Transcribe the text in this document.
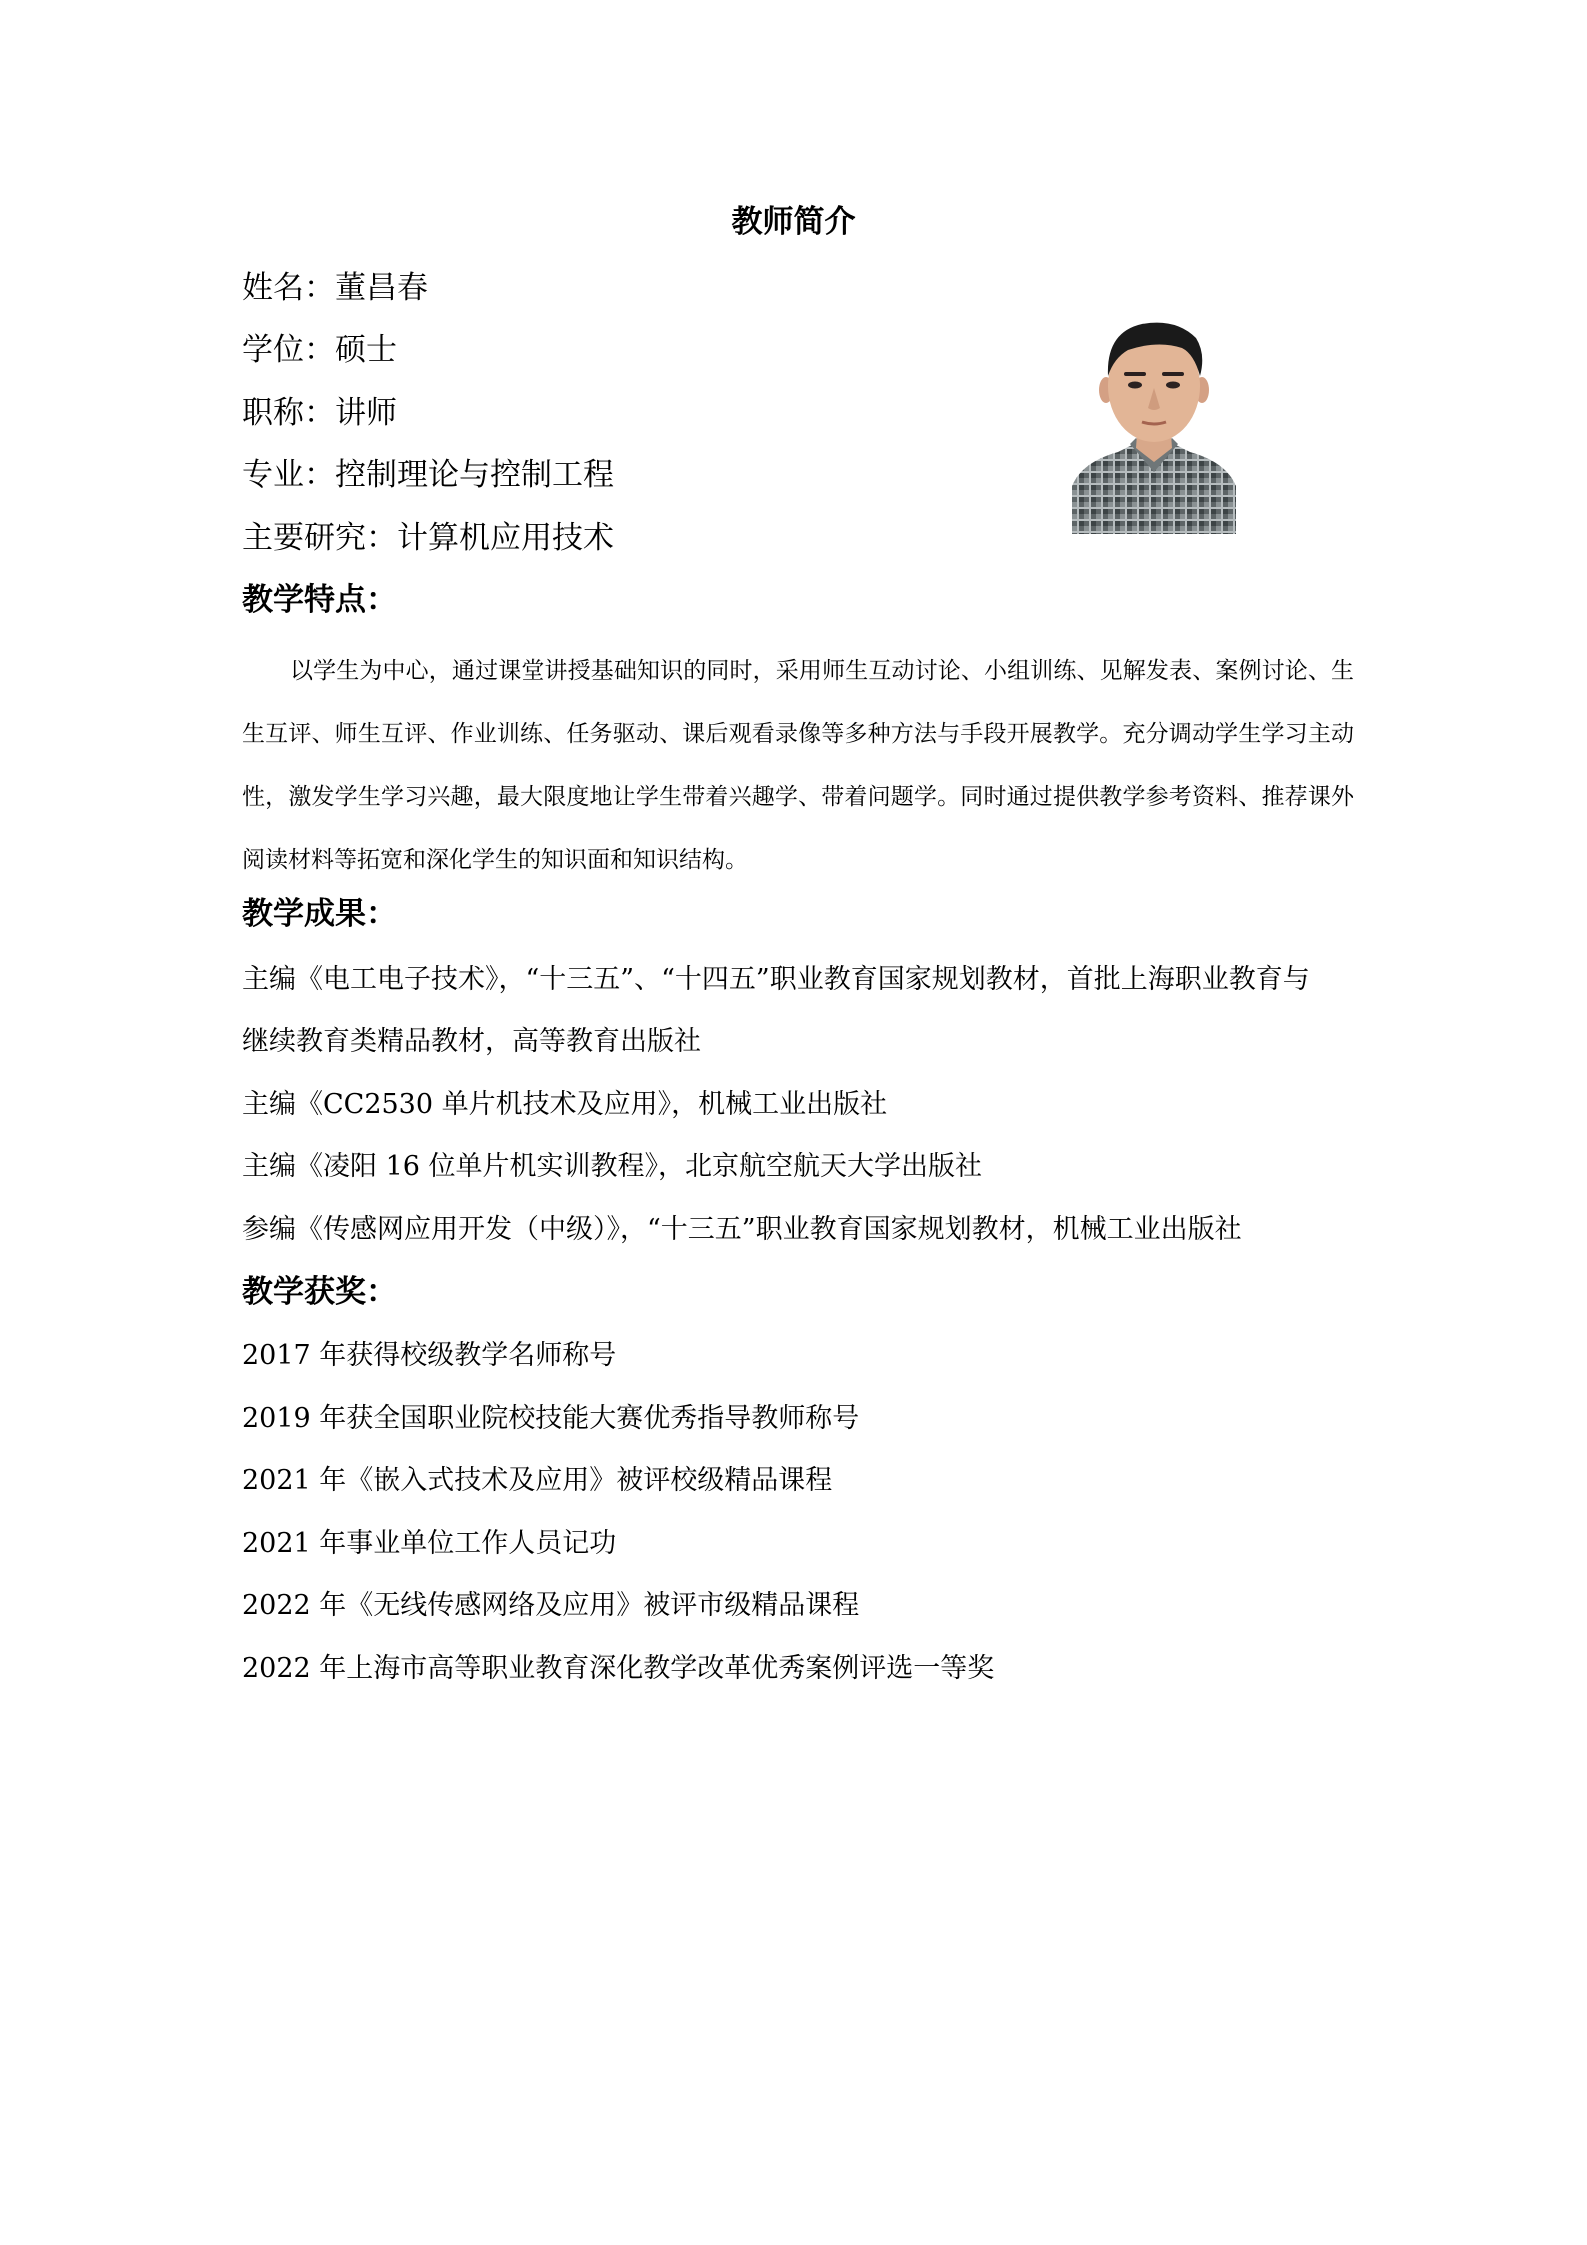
教师简介
姓名：董昌春
学位：硕士
职称：讲师
专业：控制理论与控制工程
主要研究：计算机应用技术
教学特点：
以学生为中心，通过课堂讲授基础知识的同时，采用师生互动讨论、小组训练、见解发表、案例讨论、生生互评、师生互评、作业训练、任务驱动、课后观看录像等多种方法与手段开展教学。充分调动学生学习主动性，激发学生学习兴趣，最大限度地让学生带着兴趣学、带着问题学。同时通过提供教学参考资料、推荐课外阅读材料等拓宽和深化学生的知识面和知识结构。
教学成果：
主编《电工电子技术》，“十三五”、“十四五”职业教育国家规划教材，首批上海职业教育与
继续教育类精品教材，高等教育出版社
主编《CC2530 单片机技术及应用》，机械工业出版社
主编《凌阳 16 位单片机实训教程》，北京航空航天大学出版社
参编《传感网应用开发（中级）》，“十三五”职业教育国家规划教材，机械工业出版社
教学获奖：
2017 年获得校级教学名师称号
2019 年获全国职业院校技能大赛优秀指导教师称号
2021 年《嵌入式技术及应用》被评校级精品课程
2021 年事业单位工作人员记功
2022 年《无线传感网络及应用》被评市级精品课程
2022 年上海市高等职业教育深化教学改革优秀案例评选一等奖
